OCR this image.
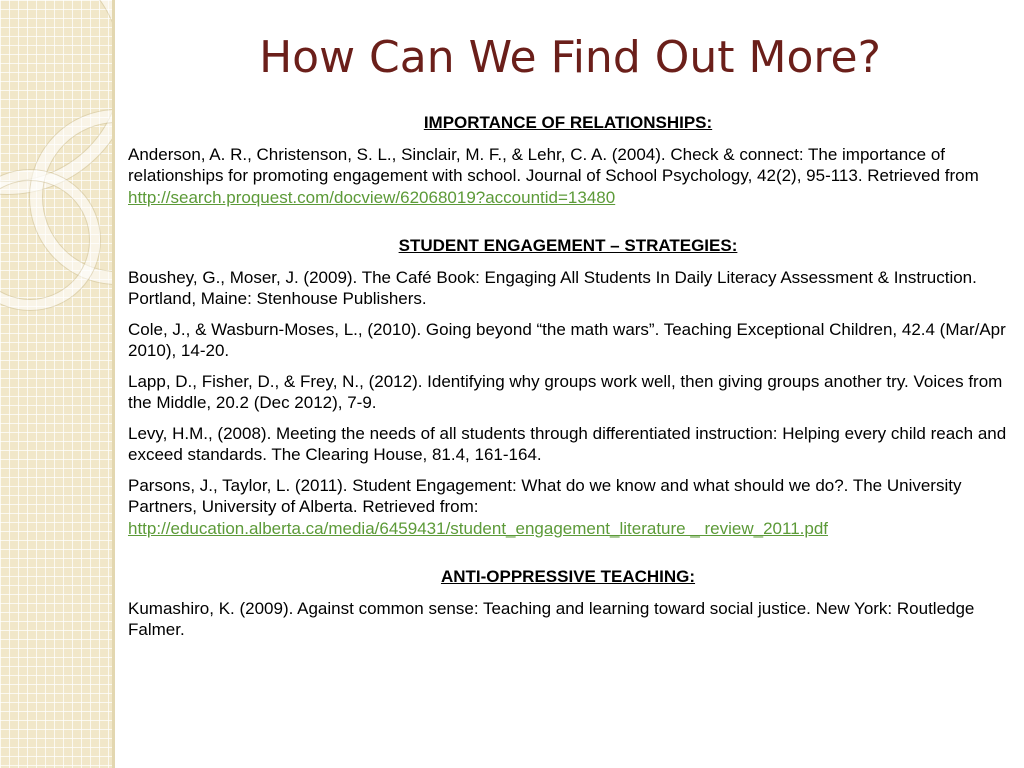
How Can We Find Out More?

IMPORTANCE OF RELATIONSHIPS:

Anderson, A. R., Christenson, S. L., Sinclair, M. F., & Lehr, C. A. (2004). Check & connect: The importance of relationships for promoting engagement with school. Journal of School Psychology, 42(2), 95-113. Retrieved from
http://search.proquest.com/docview/62068019?accountid=13480

STUDENT ENGAGEMENT – STRATEGIES:

Boushey, G., Moser, J. (2009). The Café Book: Engaging All Students In Daily Literacy Assessment & Instruction. Portland, Maine: Stenhouse Publishers.

Cole, J., & Wasburn-Moses, L., (2010). Going beyond “the math wars”. Teaching Exceptional Children, 42.4 (Mar/Apr 2010), 14-20.

Lapp, D., Fisher, D., & Frey, N., (2012). Identifying why groups work well, then giving groups another try. Voices from the Middle, 20.2 (Dec 2012), 7-9.

Levy, H.M., (2008). Meeting the needs of all students through differentiated instruction: Helping every child reach and exceed standards. The Clearing House, 81.4, 161-164.

Parsons, J., Taylor, L. (2011). Student Engagement: What do we know and what should we do?. The University Partners, University of Alberta. Retrieved from:
http://education.alberta.ca/media/6459431/student_engagement_literature _ review_2011.pdf

ANTI-OPPRESSIVE TEACHING:

Kumashiro, K. (2009). Against common sense: Teaching and learning toward social justice. New York: Routledge Falmer.
